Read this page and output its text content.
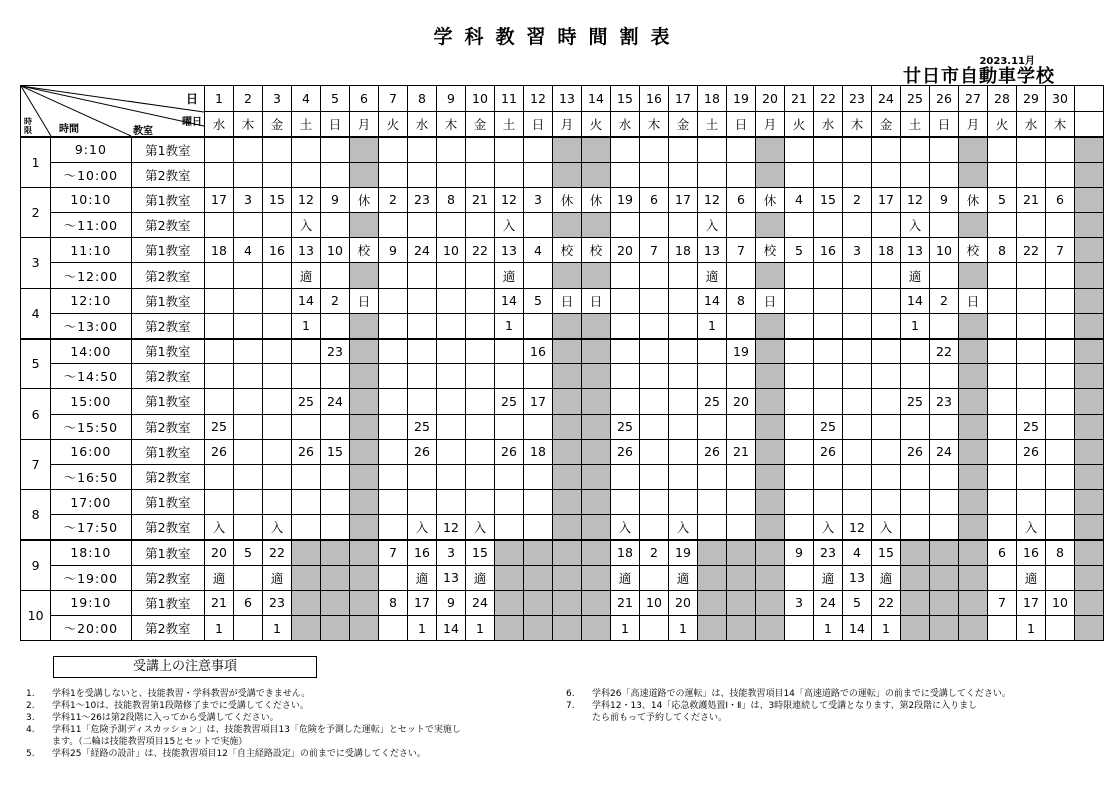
学科教習時間割表
2023.11月
廿日市自動車学校
日
曜日
時限 時間 教室			1	2	3	4	5	6	7	8	9	10	11	12	13	14	15	16	17	18	19	20	21	22	23	24	25	26	27	28	29	30	
			水	木	金	土	日	月	火	水	木	金	土	日	月	火	水	木	金	土	日	月	火	水	木	金	土	日	月	火	水	木	
1	9:10	第1教室																															
	～10:00	第2教室																															
2	10:10	第1教室	17	3	15	12	9	休	2	23	8	21	12	3	休	休	19	6	17	12	6	休	4	15	2	17	12	9	休	5	21	6	
	～11:00	第2教室				入							入							入							入						
3	11:10	第1教室	18	4	16	13	10	校	9	24	10	22	13	4	校	校	20	7	18	13	7	校	5	16	3	18	13	10	校	8	22	7	
	～12:00	第2教室				適							適							適							適						
4	12:10	第1教室				14	2	日					14	5	日	日				14	8	日					14	2	日				
	～13:00	第2教室				1							1							1							1						
5	14:00	第1教室					23							16							19							22					
	～14:50	第2教室																															
6	15:00	第1教室				25	24						25	17						25	20						25	23					
	～15:50	第2教室	25							25							25							25							25		
7	16:00	第1教室	26			26	15			26			26	18			26			26	21			26			26	24			26		
	～16:50	第2教室																															
8	17:00	第1教室																															
	～17:50	第2教室	入		入					入	12	入					入		入					入	12	入					入		
9	18:10	第1教室	20	5	22				7	16	3	15					18	2	19				9	23	4	15				6	16	8	
	～19:00	第2教室	適		適					適	13	適					適		適					適	13	適					適		
10	19:10	第1教室	21	6	23				8	17	9	24					21	10	20				3	24	5	22				7	17	10	
	～20:00	第2教室	1		1					1	14	1					1		1					1	14	1					1		
受講上の注意事項
1.	学科1を受講しないと、技能教習・学科教習が受講できません。
2.	学科1～10は、技能教習第1段階修了までに受講してください。
3.	学科11～26は第2段階に入ってから受講してください。
4.	学科11「危険予測ディスカッション」は、技能教習項目13「危険を予測した運転」とセットで実施し
ます。（二輪は技能教習項目15とセットで実施）
5.	学科25「経路の設計」は、技能教習項目12「自主経路設定」の前までに受講してください。
6.	学科26「高速道路での運転」は、技能教習項目14「高速道路での運転」の前までに受講してください。
7.	学科12・13、14「応急救護処置Ⅰ・Ⅱ」は、3時限連続して受講となります、第2段階に入りまし
たら前もって予約してください。
